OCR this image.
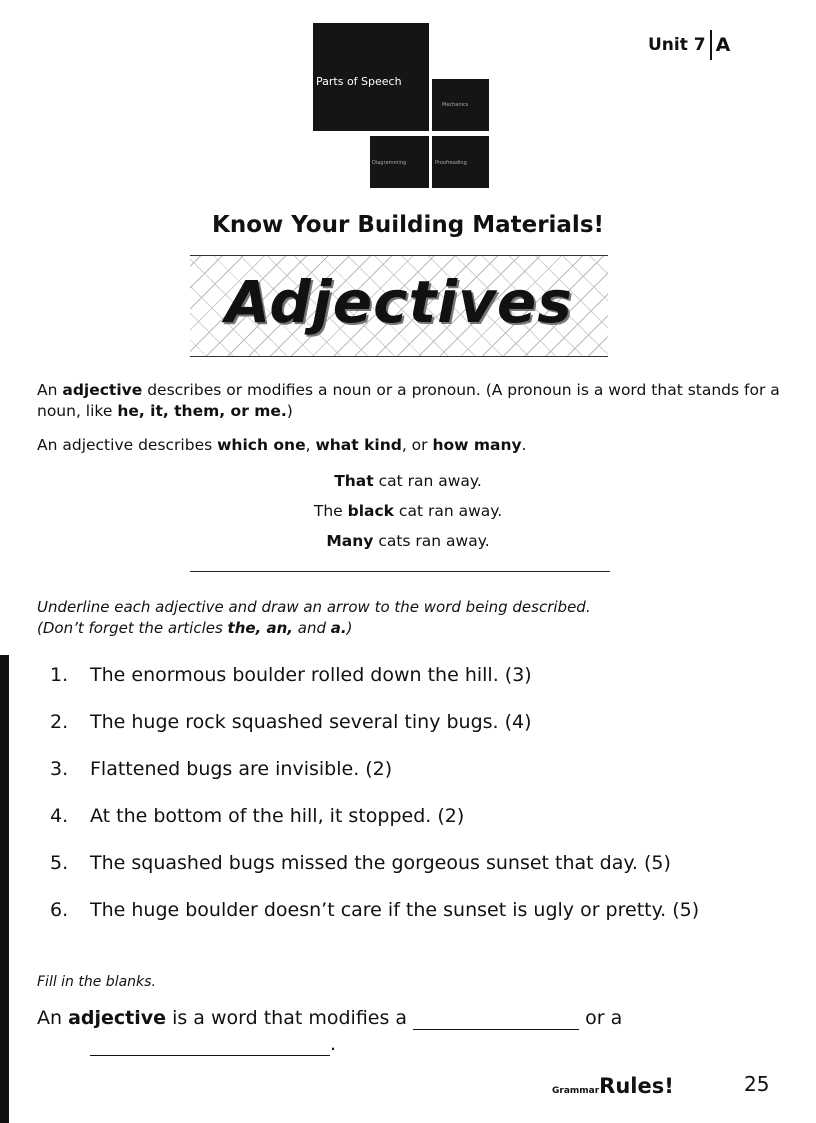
Unit 7 A
Parts of Speech
Mechanics
Diagramming	Proofreading
Know Your Building Materials!
Adjectives
An adjective describes or modifies a noun or a pronoun. (A pronoun is a word that stands for a noun, like he, it, them, or me.)
An adjective describes which one, what kind, or how many.
That cat ran away.
The black cat ran away.
Many cats ran away.
Underline each adjective and draw an arrow to the word being described.
(Don’t forget the articles the, an, and a.)
1.	The enormous boulder rolled down the hill. (3)
2.	The huge rock squashed several tiny bugs. (4)
3.	Flattened bugs are invisible. (2)
4.	At the bottom of the hill, it stopped. (2)
5.	The squashed bugs missed the gorgeous sunset that day. (5)
6.	The huge boulder doesn’t care if the sunset is ugly or pretty. (5)
Fill in the blanks.
An adjective is a word that modifies a	or a
.
GrammarRules!	25
